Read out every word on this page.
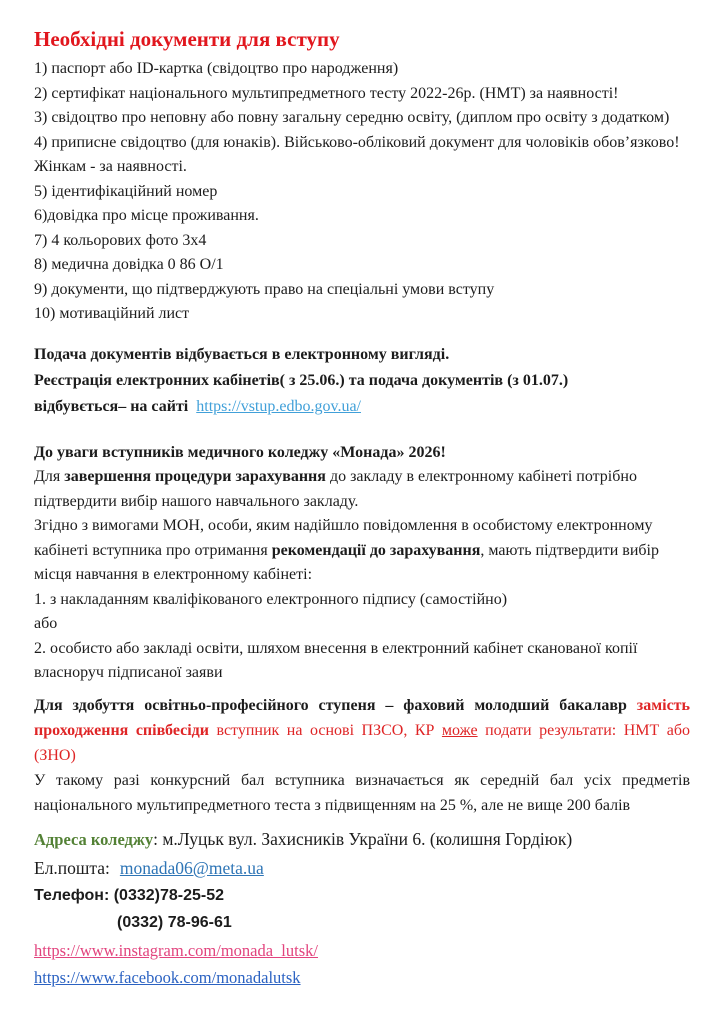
Необхідні документи для вступу
1) паспорт або ID-картка (свідоцтво про народження)
2) сертифікат національного мультипредметного тесту 2022-26р. (НМТ) за наявності!
3) свідоцтво про неповну або повну загальну середню освіту, (диплом про освіту з додатком)
4) приписне свідоцтво (для юнаків). Військово-обліковий документ для чоловіків обов’язково! Жінкам - за наявності.
5) ідентифікаційний номер
6)довідка про місце проживання.
7) 4 кольорових фото 3х4
8) медична довідка 0 86 О/1
9) документи, що підтверджують право на спеціальні умови вступу
10) мотиваційний лист
Подача документів відбувається в електронному вигляді.
Реєстрація електронних кабінетів( з 25.06.) та подача документів (з 01.07.)
відбувється– на сайті https://vstup.edbo.gov.ua/

До уваги вступників медичного коледжу «Монада» 2026!

Для завершення процедури зарахування до закладу в електронному кабінеті потрібно підтвердити вибір нашого навчального закладу.

Згідно з вимогами МОН, особи, яким надійшло повідомлення в особистому електронному кабінеті вступника про отримання рекомендації до зарахування, мають підтвердити вибір місця навчання в електронному кабінеті:

1. з накладанням кваліфікованого електронного підпису (самостійно)

або

2. особисто або закладі освіти, шляхом внесення в електронний кабінет сканованої копії власноруч підписаної заяви

Для здобуття освітньо-професійного ступеня – фаховий молодший бакалавр замість проходження співбесіди вступник на основі ПЗСО, КР може подати результати: НМТ або (ЗНО)

У такому разі конкурсний бал вступника визначається як середній бал усіх предметів національного мультипредметного теста з підвищенням на 25 %, але не вище 200 балів

Адреса коледжу: м.Луцьк вул. Захисників України 6. (колишня Гордіюк)
Ел.пошта: monada06@meta.ua
Телефон: (0332)78-25-52
(0332) 78-96-61
https://www.instagram.com/monada_lutsk/
https://www.facebook.com/monadalutsk
